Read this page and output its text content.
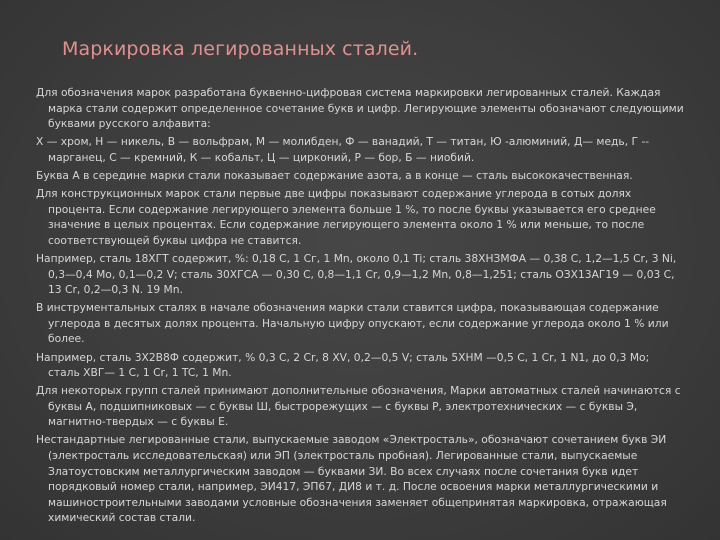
Маркировка легированных сталей.

Для обозначения марок разработана буквенно-цифровая система маркировки легированных сталей. Каждая марка стали содержит определенное сочетание букв и цифр. Легирующие элементы обозначают следующими буквами русского алфавита:

Х — хром, Н — никель, В — вольфрам, М — молибден, Ф — ванадий, Т — титан, Ю -алюминий, Д— медь, Г -- марганец, С — кремний, К — кобальт, Ц — цирконий, Р — бор, Б — ниобий.

Буква А в середине марки стали показывает содержание азота, а в конце — сталь высококачественная.

Для конструкционных марок стали первые две цифры показывают содержание углерода в сотых долях процента. Если содержание легирующего элемента больше 1 %, то после буквы указывается его среднее значение в целых процентах. Если содержание легирующего элемента около 1 % или меньше, то после соответствующей буквы цифра не ставится.

Например, сталь 18ХГТ содержит, %: 0,18 С, 1 Сг, 1 Мn, около 0,1 Ti; сталь 38ХНЗМФА — 0,38 С, 1,2—1,5 Cr, 3 Ni, 0,3—0,4 Mo, 0,1—0,2 V; сталь 30ХГСА — 0,30 С, 0,8—1,1 Cr, 0,9—1,2 Мn, 0,8—1,251; сталь ОЗХ13АГ19 — 0,03 С, 13 Cr, 0,2—0,3 N. 19 Mn.

В инструментальных сталях в начале обозначения марки стали ставится цифра, показывающая содержание углерода в десятых долях процента. Начальную цифру опускают, если содержание углерода около 1 % или более.

Например, сталь 3Х2В8Ф содержит, % 0,3 С, 2 Cr, 8 XV, 0,2—0,5 V; сталь 5ХНМ —0,5 С, 1 Cr, 1 N1, до 0,3 Mo; сталь ХВГ— 1 С, 1 Cr, 1 TC, 1 Mn.

Для некоторых групп сталей принимают дополнительные обозначения, Марки автоматных сталей начинаются с буквы А, подшипниковых — с буквы Ш, быстрорежущих — с буквы Р, электротехнических — с буквы Э, магнитно-твердых — с буквы Е.

Нестандартные легированные стали, выпускаемые заводом «Электросталь», обозначают сочетанием букв ЭИ (электросталь исследовательская) или ЭП (электросталь пробная). Легированные стали, выпускаемые Златоустовским металлургическим заводом — буквами ЗИ. Во всех случаях после сочетания букв идет порядковый номер стали, например, ЭИ417, ЭП67, ДИ8 и т. д. После освоения марки металлургическими и машиностроительными заводами условные обозначения заменяет общепринятая маркировка, отражающая химический состав стали.
